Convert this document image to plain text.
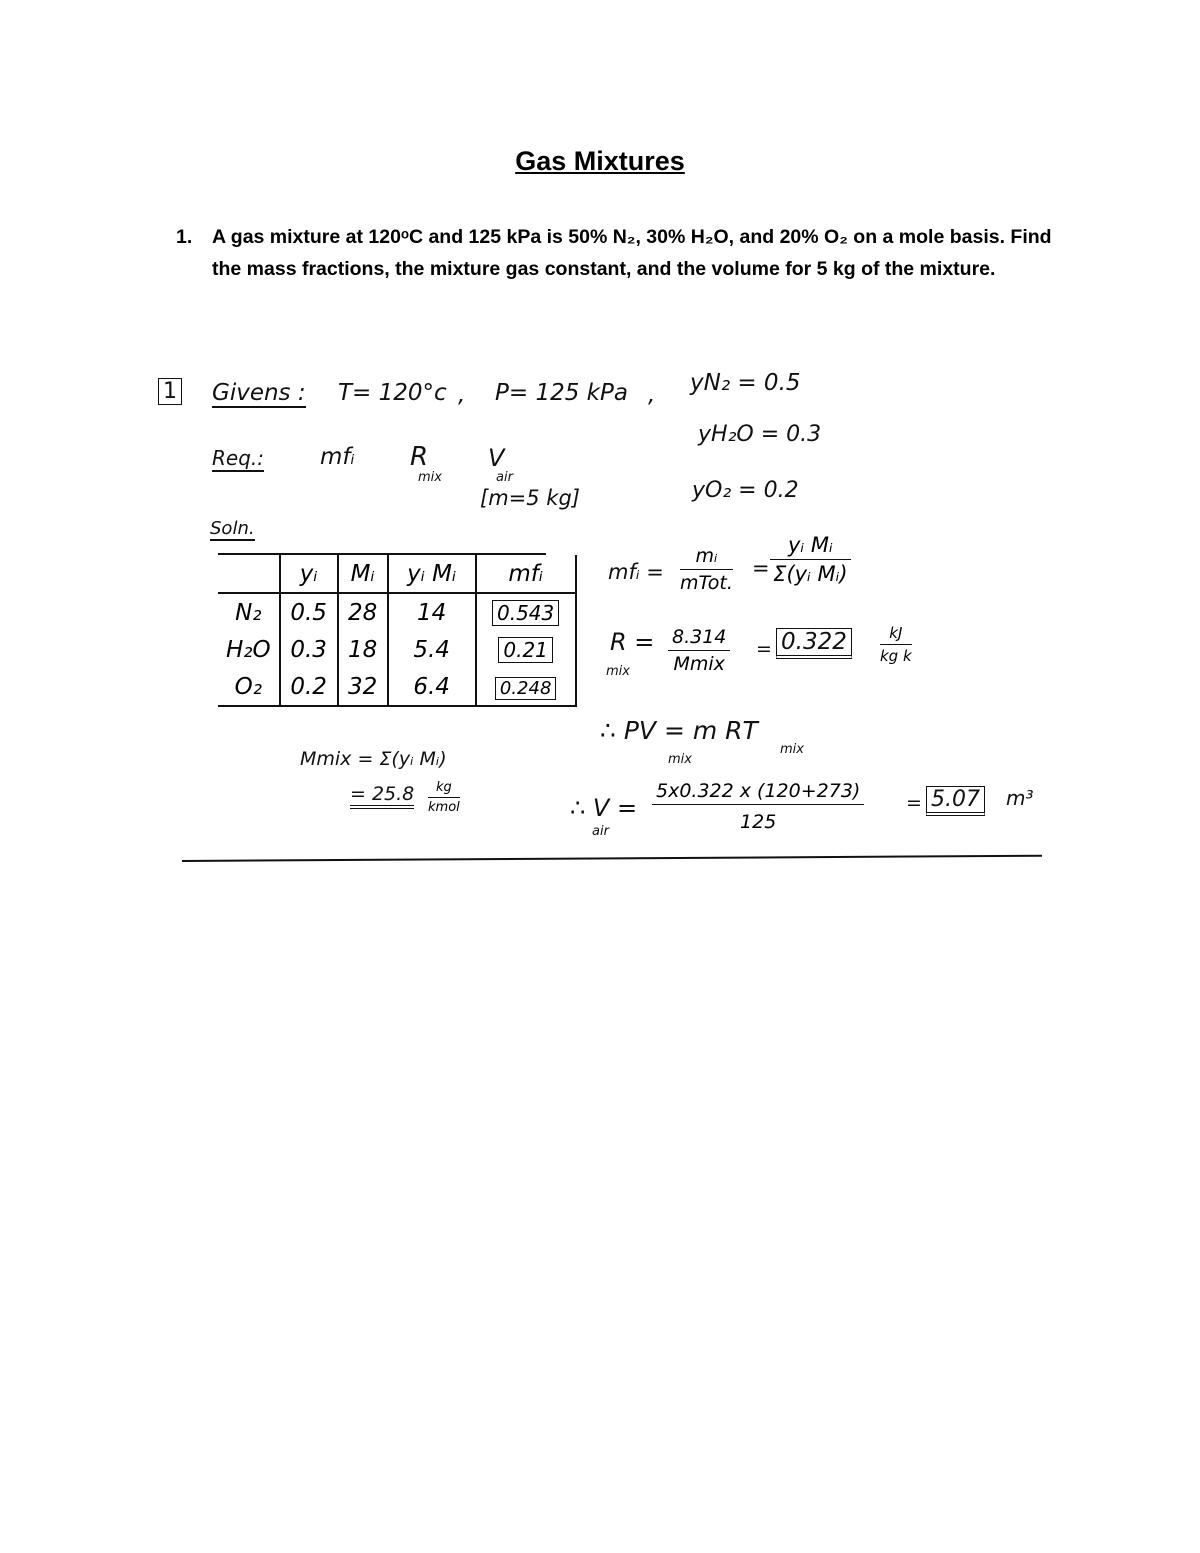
Gas Mixtures
1. A gas mixture at 120ᵒC and 125 kPa is 50% N₂, 30% H₂O, and 20% O₂ on a mole basis. Find
the mass fractions, the mixture gas constant, and the volume for 5 kg of the mixture.
1 Givens : T= 120°c , P= 125 kPa , yN₂ = 0.5
yH₂O = 0.3
yO₂ = 0.2
Req.: mfᵢ R
mix
V
air
[m=5 kg]
Soln.
		yᵢ	Mᵢ	yᵢ Mᵢ	mfᵢ
N₂		0.5	28	14	0.543
H₂O		0.3	18	5.4	0.21
O₂		0.2	32	6.4	0.248
Mmix = Σ(yᵢ Mᵢ)
= 25.8	kg
kmol
mfᵢ =
mᵢ
mTot.
= $\frac{\text{yᵢ Mᵢ}}{\text{Σ(yᵢ Mᵢ)}}$
R =
mix
8.314
Mmix
= 0.322	$\frac{kJ}{\text{kg k}}$
∴ PV = m RT
mix
mix
∴ V =
air $\frac{5x0.322 x (120+273)}{125} = 5.07$ m³
